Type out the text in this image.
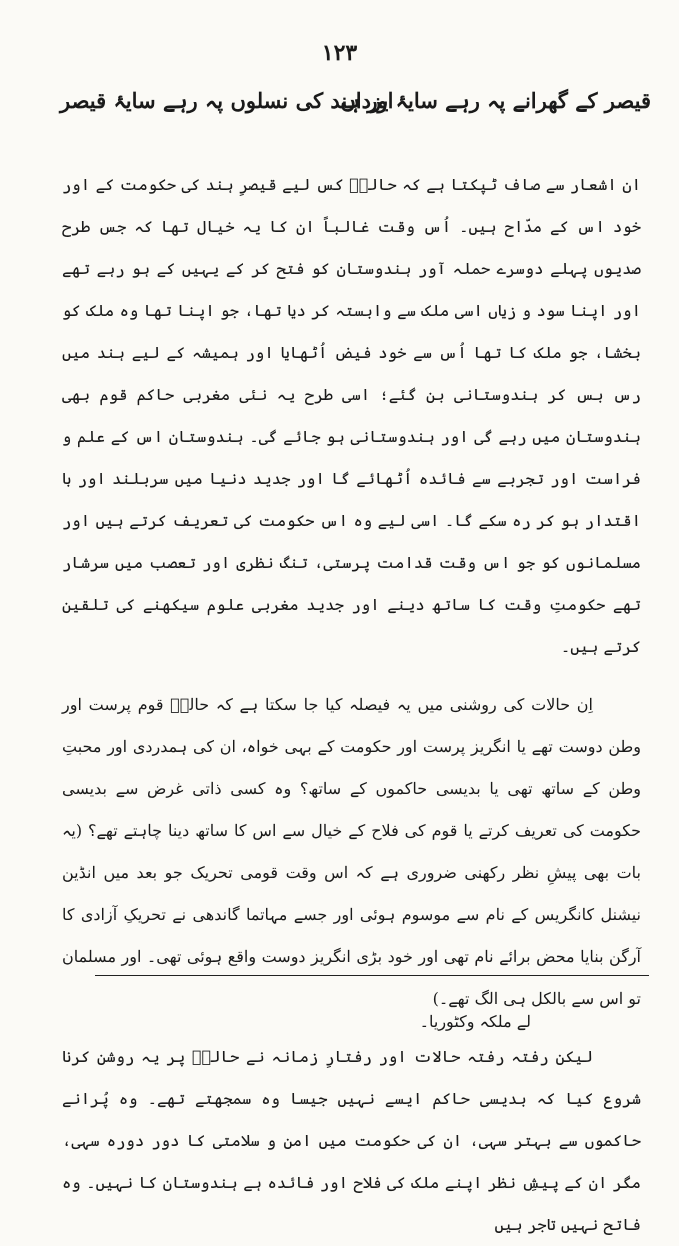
۱۲۳
قیصر کے گھرانے پہ رہے سایۂ یزداں
اور ہند کی نسلوں پہ رہے سایۂ قیصر

ان اشعار سے صاف ٹپکتا ہے کہ حالیؔ کس لیے قیصرِ ہند کی حکومت کے اور خود اس کے مدّاح ہیں۔ اُس وقت غالباً ان کا یہ خیال تھا کہ جس طرح صدیوں پہلے دوسرے حملہ آور ہندوستان کو فتح کر کے یہیں کے ہو رہے تھے اور اپنا سود و زیاں اسی ملک سے وابستہ کر دیا تھا، جو اپنا تھا وہ ملک کو بخشا، جو ملک کا تھا اُس سے خود فیض اُٹھایا اور ہمیشہ کے لیے ہند میں رس بس کر ہندوستانی بن گئے؛ اسی طرح یہ نئی مغربی حاکم قوم بھی ہندوستان میں رہے گی اور ہندوستانی ہو جائے گی۔ ہندوستان اس کے علم و فراست اور تجربے سے فائدہ اُٹھائے گا اور جدید دنیا میں سربلند اور با اقتدار ہو کر رہ سکے گا۔ اسی لیے وہ اس حکومت کی تعریف کرتے ہیں اور مسلمانوں کو جو اس وقت قدامت پرستی، تنگ نظری اور تعصب میں سرشار تھے حکومتِ وقت کا ساتھ دینے اور جدید مغربی علوم سیکھنے کی تلقین کرتے ہیں۔

اِن حالات کی روشنی میں یہ فیصلہ کیا جا سکتا ہے کہ حالیؔ قوم پرست اور وطن دوست تھے یا انگریز پرست اور حکومت کے بہی خواہ، ان کی ہمدردی اور محبتِ وطن کے ساتھ تھی یا بدیسی حاکموں کے ساتھ؟ وہ کسی ذاتی غرض سے بدیسی حکومت کی تعریف کرتے یا قوم کی فلاح کے خیال سے اس کا ساتھ دینا چاہتے تھے؟ (یہ بات بھی پیشِ نظر رکھنی ضروری ہے کہ اس وقت قومی تحریک جو بعد میں انڈین نیشنل کانگریس کے نام سے موسوم ہوئی اور جسے مہاتما گاندھی نے تحریکِ آزادی کا آرگن بنایا محض برائے نام تھی اور خود بڑی انگریز دوست واقع ہوئی تھی۔ اور مسلمان تو اس سے بالکل ہی الگ تھے۔)

لیکن رفتہ رفتہ حالات اور رفتارِ زمانہ نے حالیؔ پر یہ روشن کرنا شروع کیا کہ بدیسی حاکم ایسے نہیں جیسا وہ سمجھتے تھے۔ وہ پُرانے حاکموں سے بہتر سہی، ان کی حکومت میں امن و سلامتی کا دور دورہ سہی، مگر ان کے پیشِ نظر اپنے ملک کی فلاح اور فائدہ ہے ہندوستان کا نہیں۔ وہ فاتح نہیں تاجر ہیں

لے ملکہ وکٹوریا۔
